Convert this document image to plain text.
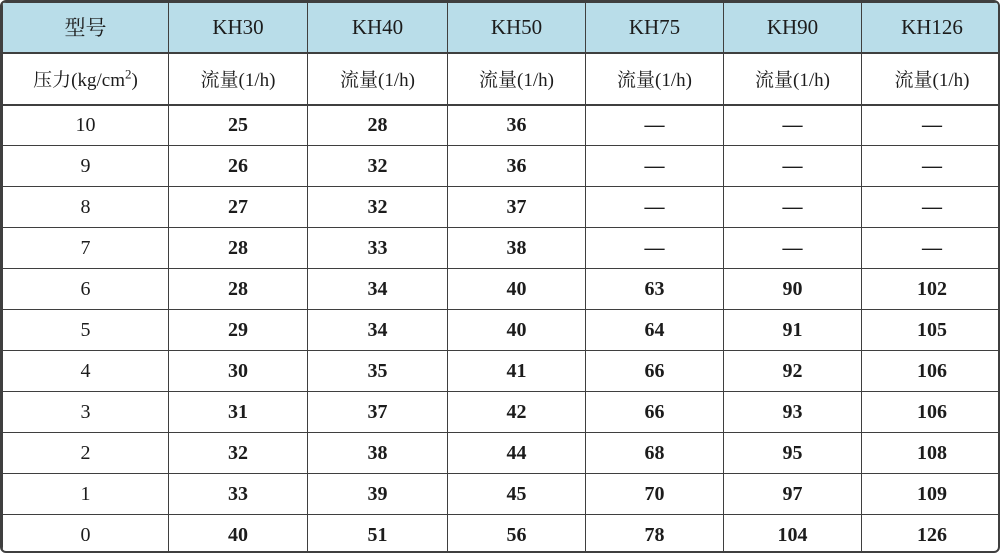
型号	KH30	KH40	KH50	KH75	KH90	KH126
压力$(kg/cm^2)$	流量(1/h)	流量(1/h)	流量(1/h)	流量(1/h)	流量(1/h)	流量(1/h)
10	25	28	36	—	—	—
9	26	32	36	—	—	—
8	27	32	37	—	—	—
7	28	33	38	—	—	—
6	28	34	40	63	90	102
5	29	34	40	64	91	105
4	30	35	41	66	92	106
3	31	37	42	66	93	106
2	32	38	44	68	95	108
1	33	39	45	70	97	109
0	40	51	56	78	104	126
